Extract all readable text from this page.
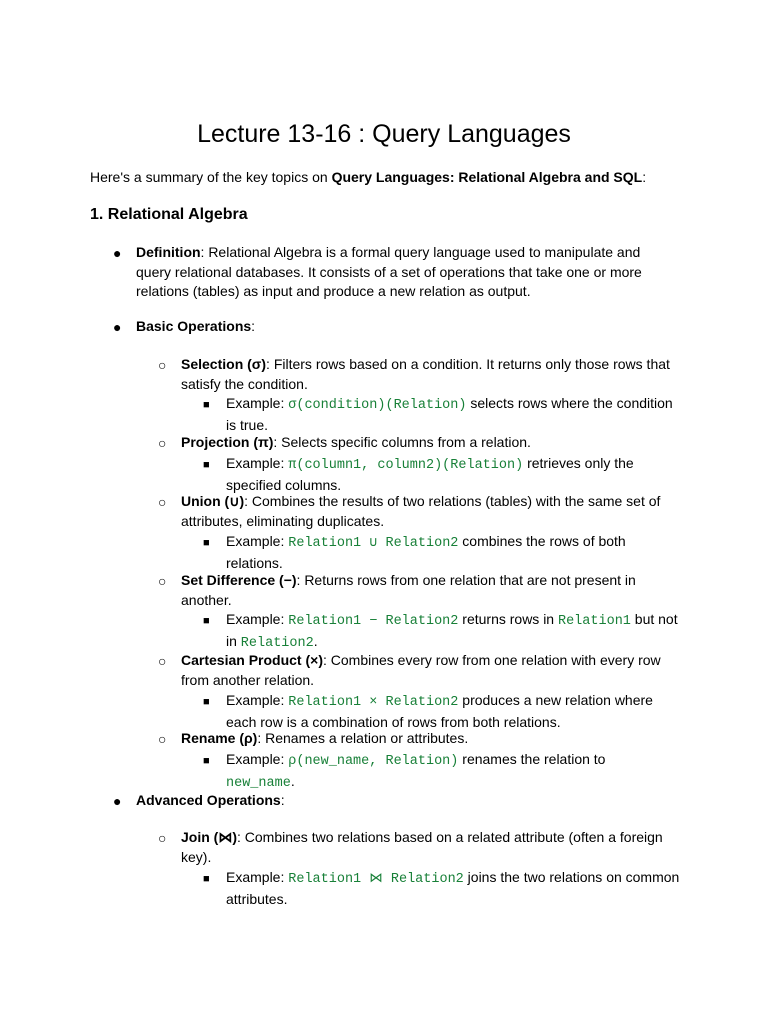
Lecture 13-16 : Query Languages

Here's a summary of the key topics on Query Languages: Relational Algebra and SQL:

1. Relational Algebra
● Definition: Relational Algebra is a formal query language used to manipulate and query relational databases. It consists of a set of operations that take one or more relations (tables) as input and produce a new relation as output.

● Basic Operations:

○ Selection (σ): Filters rows based on a condition. It returns only those rows that satisfy the condition.

■ Example: σ(condition)(Relation) selects rows where the condition is true.

○ Projection (π): Selects specific columns from a relation.

■ Example: π(column1, column2)(Relation) retrieves only the specified columns.

○ Union (∪): Combines the results of two relations (tables) with the same set of attributes, eliminating duplicates.

■ Example: Relation1 ∪ Relation2 combines the rows of both relations.

○ Set Difference (−): Returns rows from one relation that are not present in another.

■ Example: Relation1 − Relation2 returns rows in Relation1 but not in Relation2.

○ Cartesian Product (×): Combines every row from one relation with every row from another relation.

■ Example: Relation1 × Relation2 produces a new relation where each row is a combination of rows from both relations.

○ Rename (ρ): Renames a relation or attributes.

■ Example: ρ(new_name, Relation) renames the relation to new_name.

● Advanced Operations:

○ Join (⋈): Combines two relations based on a related attribute (often a foreign key).

■ Example: Relation1 ⋈ Relation2 joins the two relations on common attributes.
